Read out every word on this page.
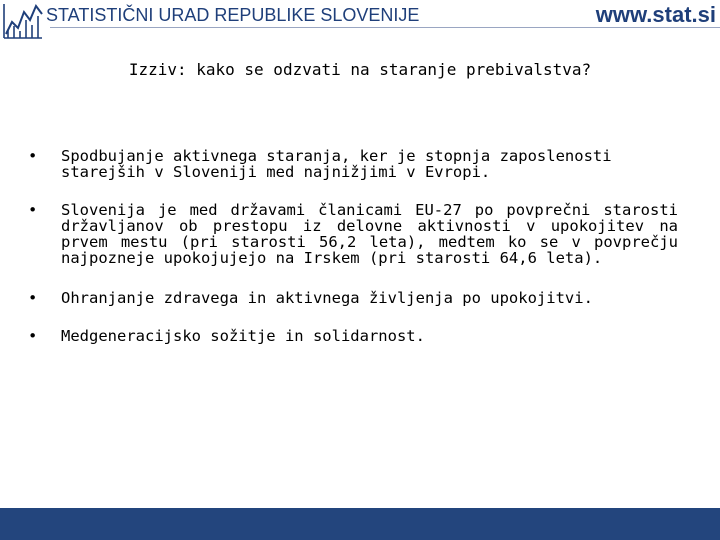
STATISTIČNI URAD REPUBLIKE SLOVENIJE	www.stat.si
Izziv: kako se odzvati na staranje prebivalstva?
• Spodbujanje aktivnega staranja, ker je stopnja zaposlenosti starejših v Sloveniji med najnižjimi v Evropi.
• Slovenija je med državami članicami EU-27 po povprečni starosti državljanov ob prestopu iz delovne aktivnosti v upokojitev na prvem mestu (pri starosti 56,2 leta), medtem ko se v povprečju najpozneje upokojujejo na Irskem (pri starosti 64,6 leta).
• Ohranjanje zdravega in aktivnega življenja po upokojitvi.
• Medgeneracijsko sožitje in solidarnost.
